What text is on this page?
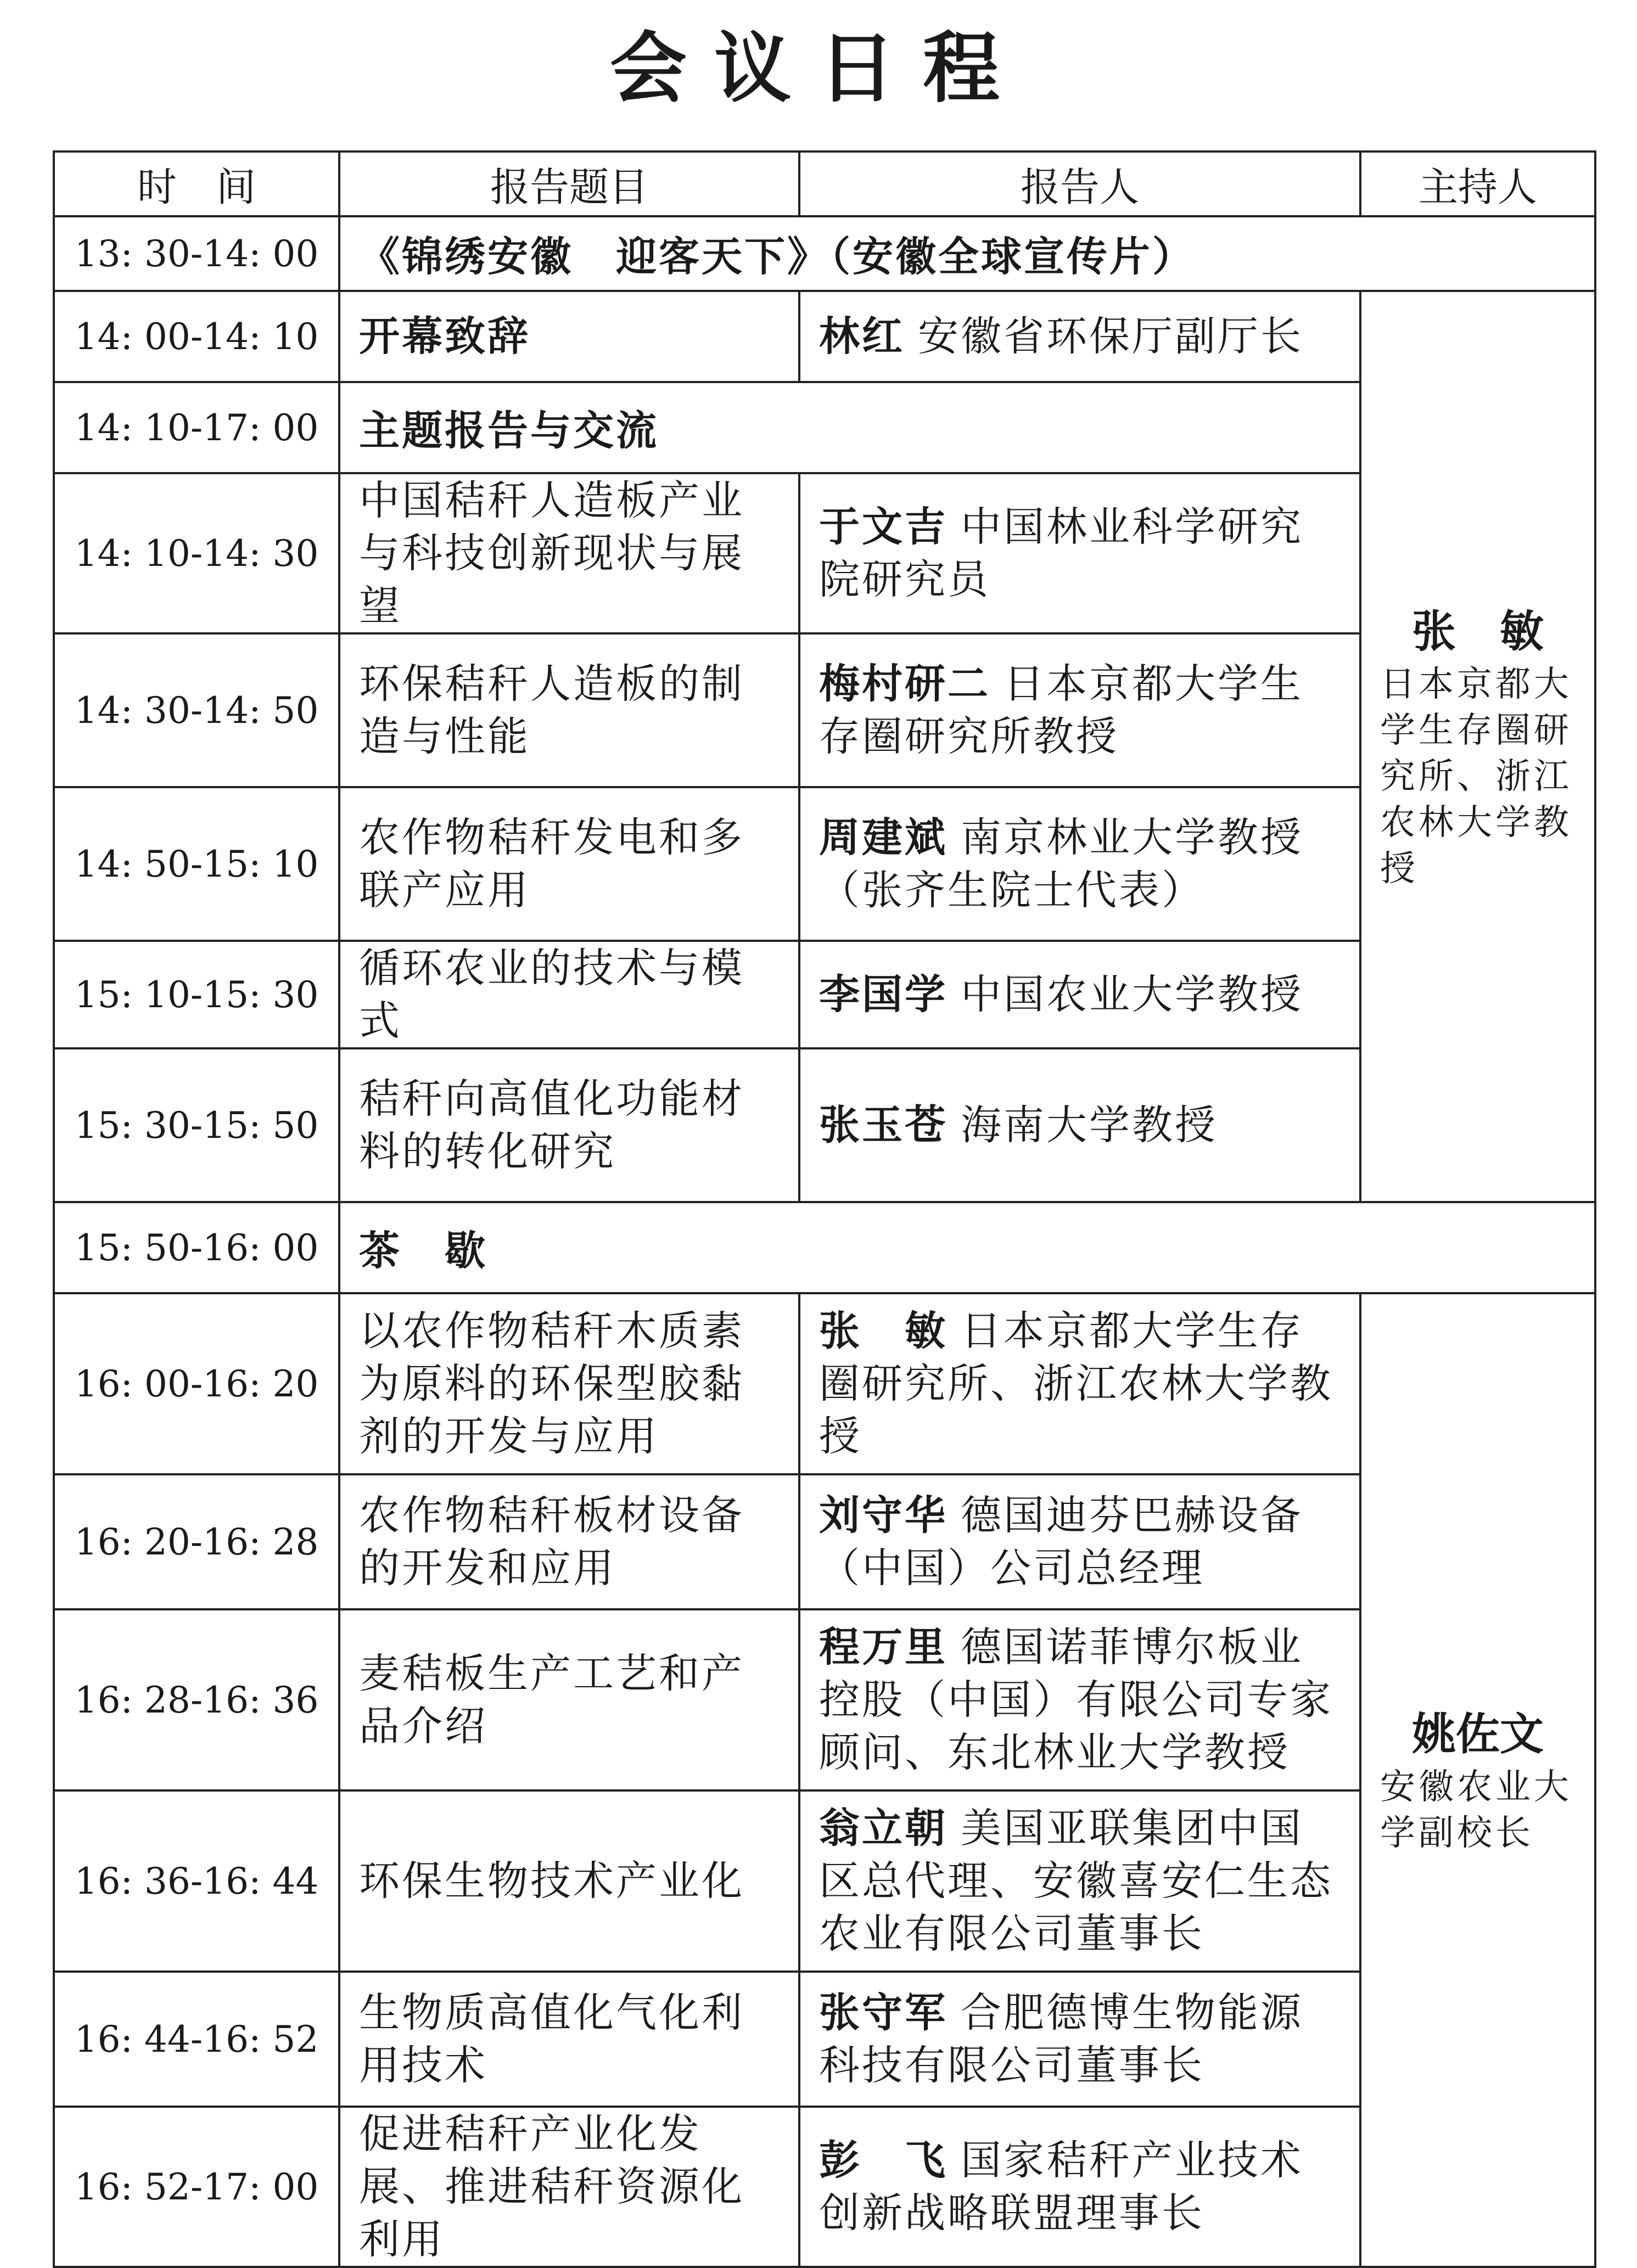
会议日程
时　间	报告题目	报告人	主持人
13: 30-14: 00	《锦绣安徽　迎客天下》（安徽全球宣传片）		
14: 00-14: 10	开幕致辞	林红 安徽省环保厅副厅长	张　敏
日本京都大学生存圈研究所、浙江农林大学教授

14: 10-17: 00	主题报告与交流		
14: 10-14: 30	中国秸秆人造板产业与科技创新现状与展望	于文吉 中国林业科学研究院研究员	
14: 30-14: 50	环保秸秆人造板的制造与性能	梅村研二 日本京都大学生存圈研究所教授	
14: 50-15: 10	农作物秸秆发电和多联产应用	周建斌 南京林业大学教授（张齐生院士代表）	
15: 10-15: 30	循环农业的技术与模式	李国学 中国农业大学教授	
15: 30-15: 50	秸秆向高值化功能材料的转化研究	张玉苍 海南大学教授	
15: 50-16: 00	茶　歇		
16: 00-16: 20	以农作物秸秆木质素为原料的环保型胶黏剂的开发与应用	张　敏 日本京都大学生存圈研究所、浙江农林大学教授	姚佐文
安徽农业大学副校长

16: 20-16: 28	农作物秸秆板材设备的开发和应用	刘守华 德国迪芬巴赫设备（中国）公司总经理	
16: 28-16: 36	麦秸板生产工艺和产品介绍	程万里 德国诺菲博尔板业控股（中国）有限公司专家顾问、东北林业大学教授	
16: 36-16: 44	环保生物技术产业化	翁立朝 美国亚联集团中国区总代理、安徽喜安仁生态农业有限公司董事长	
16: 44-16: 52	生物质高值化气化利用技术	张守军 合肥德博生物能源科技有限公司董事长	
16: 52-17: 00	促进秸秆产业化发展、推进秸秆资源化利用	彭　飞 国家秸秆产业技术创新战略联盟理事长	
